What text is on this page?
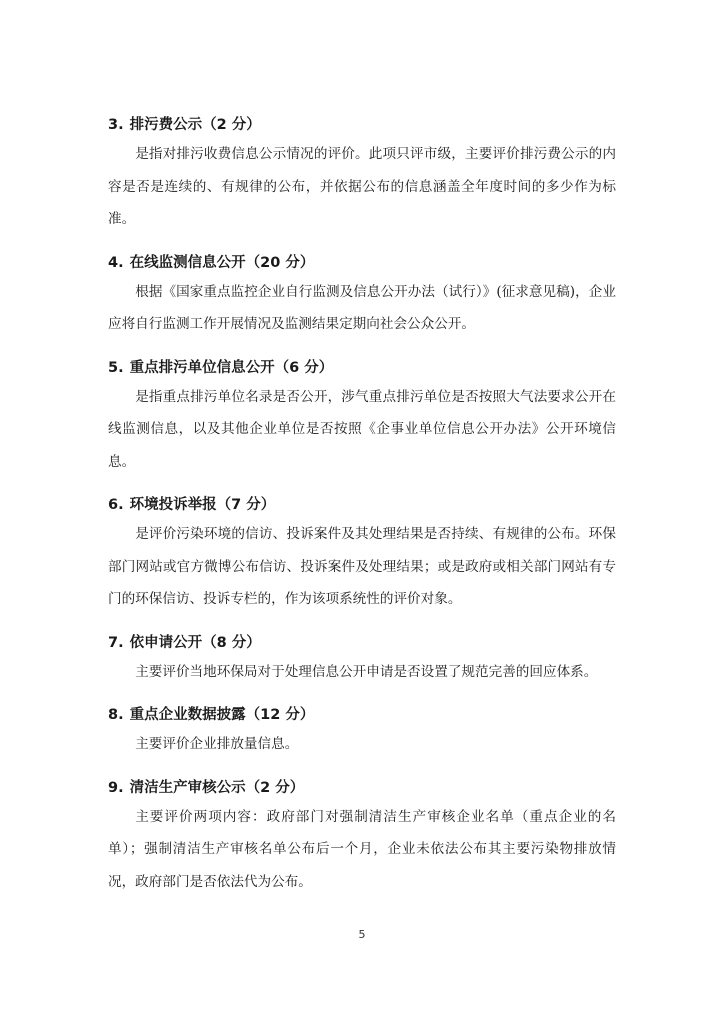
3. 排污费公示（2 分）

是指对排污收费信息公示情况的评价。此项只评市级，主要评价排污费公示的内容是否是连续的、有规律的公布，并依据公布的信息涵盖全年度时间的多少作为标准。

4. 在线监测信息公开（20 分）

根据《国家重点监控企业自行监测及信息公开办法（试行）》(征求意见稿)，企业应将自行监测工作开展情况及监测结果定期向社会公众公开。

5. 重点排污单位信息公开（6 分）

是指重点排污单位名录是否公开，涉气重点排污单位是否按照大气法要求公开在线监测信息，以及其他企业单位是否按照《企事业单位信息公开办法》公开环境信息。

6. 环境投诉举报（7 分）

是评价污染环境的信访、投诉案件及其处理结果是否持续、有规律的公布。环保部门网站或官方微博公布信访、投诉案件及处理结果；或是政府或相关部门网站有专门的环保信访、投诉专栏的，作为该项系统性的评价对象。

7. 依申请公开（8 分）

主要评价当地环保局对于处理信息公开申请是否设置了规范完善的回应体系。

8. 重点企业数据披露（12 分）

主要评价企业排放量信息。

9. 清洁生产审核公示（2 分）

主要评价两项内容：政府部门对强制清洁生产审核企业名单（重点企业的名单）；强制清洁生产审核名单公布后一个月，企业未依法公布其主要污染物排放情况，政府部门是否依法代为公布。

5
